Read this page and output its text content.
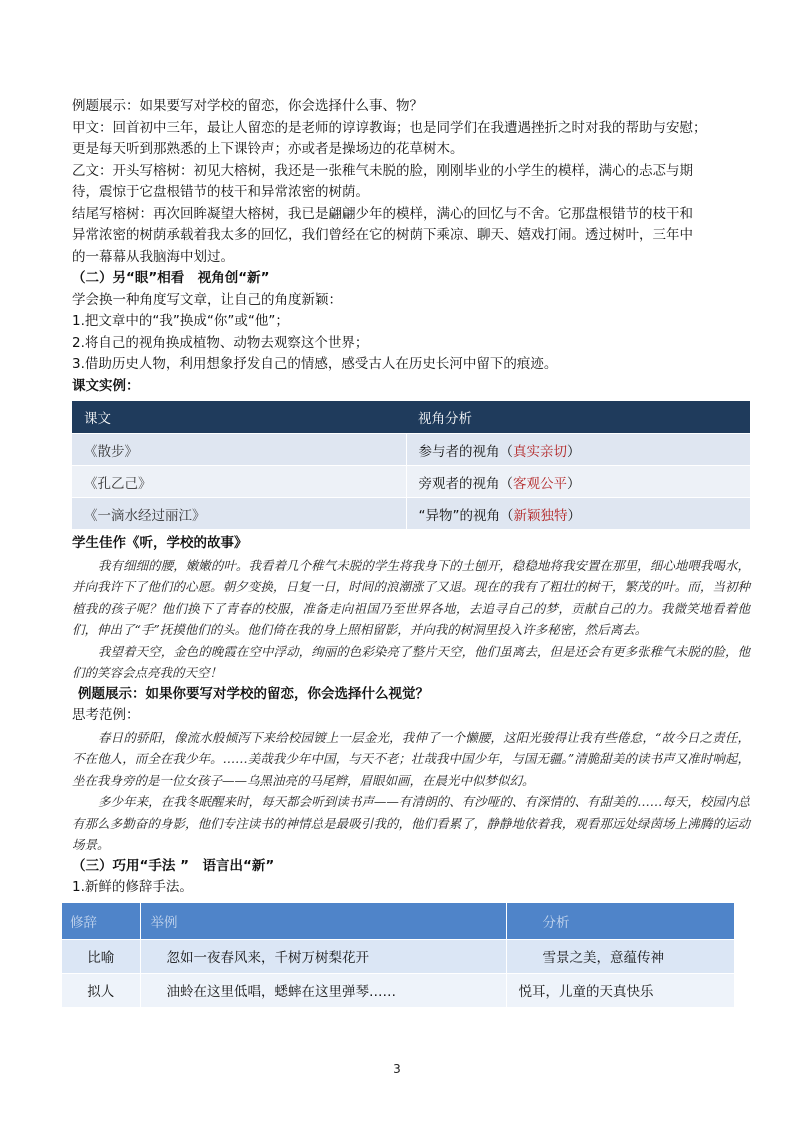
例题展示：如果要写对学校的留恋，你会选择什么事、物？

甲文：回首初中三年，最让人留恋的是老师的谆谆教诲；也是同学们在我遭遇挫折之时对我的帮助与安慰；

更是每天听到那熟悉的上下课铃声；亦或者是操场边的花草树木。

乙文：开头写榕树：初见大榕树，我还是一张稚气未脱的脸，刚刚毕业的小学生的模样，满心的忐忑与期

待，震惊于它盘根错节的枝干和异常浓密的树荫。

结尾写榕树：再次回眸凝望大榕树，我已是翩翩少年的模样，满心的回忆与不舍。它那盘根错节的枝干和

异常浓密的树荫承载着我太多的回忆，我们曾经在它的树荫下乘凉、聊天、嬉戏打闹。透过树叶，三年中

的一幕幕从我脑海中划过。

（二）另“眼”相看　视角创“新”

学会换一种角度写文章，让自己的角度新颖：

1.把文章中的“我”换成“你”或“他”；

2.将自己的视角换成植物、动物去观察这个世界；

3.借助历史人物，利用想象抒发自己的情感，感受古人在历史长河中留下的痕迹。

课文实例：

课文	视角分析
《散步》	参与者的视角（真实亲切）
《孔乙己》	旁观者的视角（客观公平）
《一滴水经过丽江》	“异物”的视角（新颖独特）

学生佳作《听，学校的故事》

我有细细的腰，嫩嫩的叶。我看着几个稚气未脱的学生将我身下的土刨开，稳稳地将我安置在那里，细心地喂我喝水，并向我许下了他们的心愿。朝夕变换，日复一日，时间的浪潮涨了又退。现在的我有了粗壮的树干，繁茂的叶。而，当初种植我的孩子呢？他们换下了青春的校服，准备走向祖国乃至世界各地，去追寻自己的梦，贡献自己的力。我微笑地看着他们，伸出了“手”抚摸他们的头。他们倚在我的身上照相留影，并向我的树洞里投入许多秘密，然后离去。

我望着天空，金色的晚霞在空中浮动，绚丽的色彩染亮了整片天空，他们虽离去，但是还会有更多张稚气未脱的脸，他们的笑容会点亮我的天空！

例题展示：如果你要写对学校的留恋，你会选择什么视觉？

思考范例：

春日的骄阳，像流水般倾泻下来给校园镀上一层金光，我伸了一个懒腰，这阳光骏得让我有些倦怠，“故今日之责任，不在他人，而全在我少年。……美哉我少年中国，与天不老；壮哉我中国少年，与国无疆。”清脆甜美的读书声又准时响起，坐在我身旁的是一位女孩子——乌黑油亮的马尾辫，眉眼如画，在晨光中似梦似幻。

多少年来，在我冬眠醒来时，每天都会听到读书声——有清朗的、有沙哑的、有深情的、有甜美的……每天，校园内总有那么多勤奋的身影，他们专注读书的神情总是最吸引我的，他们看累了，静静地依着我，观看那远处绿茵场上沸腾的运动场景。

（三）巧用“手法 ”　语言出“新”

1.新鲜的修辞手法。

修辞	举例	分析
比喻	忽如一夜春风来，千树万树梨花开	雪景之美，意蕴传神
拟人	油蛉在这里低唱，蟋蟀在这里弹琴……	悦耳，儿童的天真快乐
3
